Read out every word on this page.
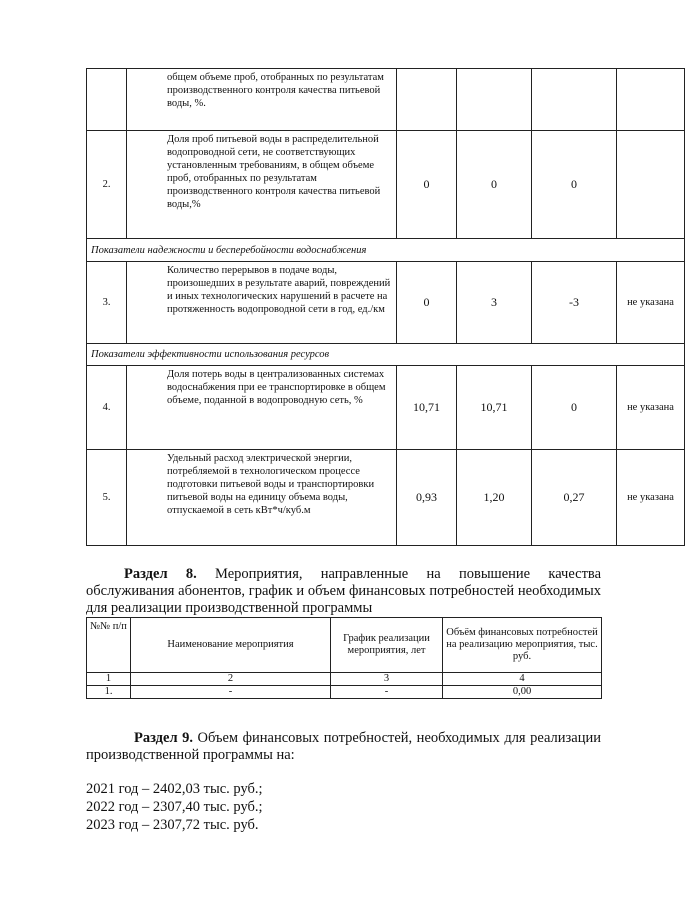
	общем объеме проб, отобранных по результатам производственного контроля качества питьевой воды, %.				
2.	Доля проб питьевой воды в распределительной водопроводной сети, не соответствующих установленным требованиям, в общем объеме проб, отобранных по результатам производственного контроля качества питьевой воды,%	0	0	0	
Показатели надежности и бесперебойности водоснабжения					
3.	Количество перерывов в подаче воды, произошедших в результате аварий, повреждений и иных технологических нарушений в расчете на протяженность водопроводной сети в год, ед./км	0	3	-3	не указана
Показатели эффективности использования ресурсов					
4.	Доля потерь воды в централизованных системах водоснабжения при ее транспортировке в общем объеме, поданной в водопроводную сеть, %	10,71	10,71	0	не указана
5.	Удельный расход электрической энергии, потребляемой в технологическом процессе подготовки питьевой воды и транспортировки питьевой воды на единицу объема воды, отпускаемой в сеть кВт*ч/куб.м	0,93	1,20	0,27	не указана
Раздел 8. Мероприятия, направленные на повышение качества обслуживания абонентов, график и объем финансовых потребностей необходимых для реализации производственной программы
№№ п/п	Наименование мероприятия	График реализации мероприятия, лет	Объём финансовых потребностей на реализацию мероприятия, тыс. руб.
1	2	3	4
1.	-	-	0,00
Раздел 9. Объем финансовых потребностей, необходимых для реализации производственной программы на:
2021 год – 2402,03 тыс. руб.;
2022 год – 2307,40 тыс. руб.;
2023 год – 2307,72 тыс. руб.
